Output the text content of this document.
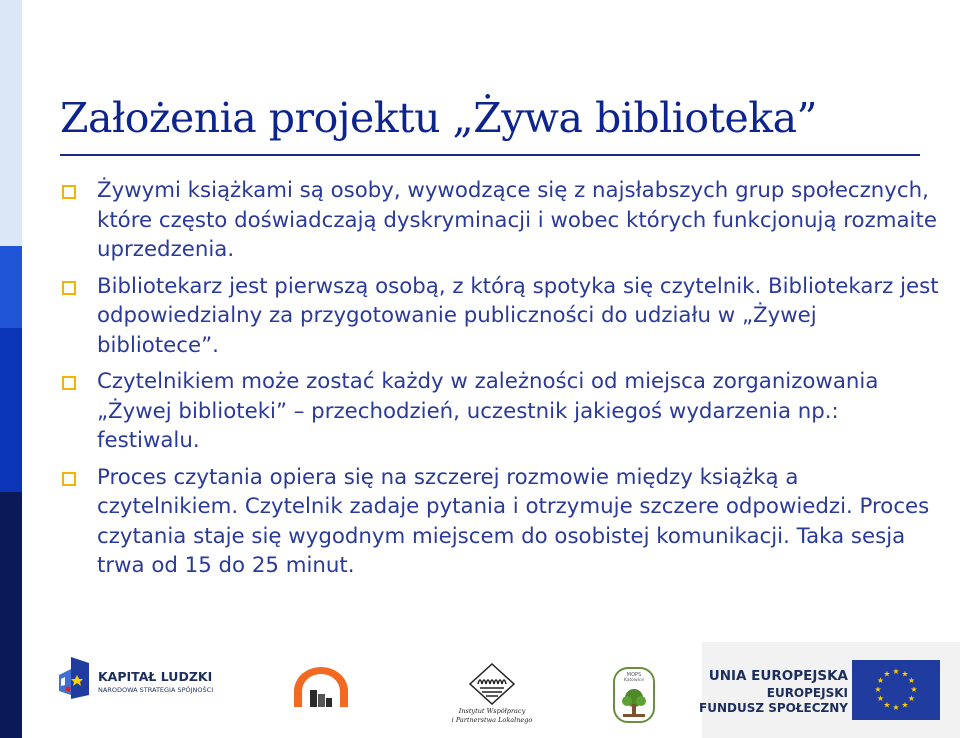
Założenia projektu „Żywa biblioteka”
Żywymi książkami są osoby, wywodzące się z najsłabszych grup społecznych, które często doświadczają dyskryminacji i wobec których funkcjonują rozmaite uprzedzenia.
Bibliotekarz jest pierwszą osobą, z którą spotyka się czytelnik. Bibliotekarz jest odpowiedzialny za przygotowanie publiczności do udziału w „Żywej bibliotece”.
Czytelnikiem może zostać każdy w zależności od miejsca zorganizowania „Żywej biblioteki” – przechodzień, uczestnik jakiegoś wydarzenia np.: festiwalu.
Proces czytania opiera się na szczerej rozmowie między książką a czytelnikiem. Czytelnik zadaje pytania i otrzymuje szczere odpowiedzi. Proces czytania staje się wygodnym miejscem do osobistej komunikacji. Taka sesja trwa od 15 do 25 minut.
KAPITAŁ LUDZKI
NARODOWA STRATEGIA SPÓJNOŚCI
Instytut Współpracy
i Partnerstwa Lokalnego
MOPS
Katowice	UNIA EUROPEJSKA
EUROPEJSKI
FUNDUSZ SPOŁECZNY
★ ★
★
★
★
★
★
★
★
★
★
★
